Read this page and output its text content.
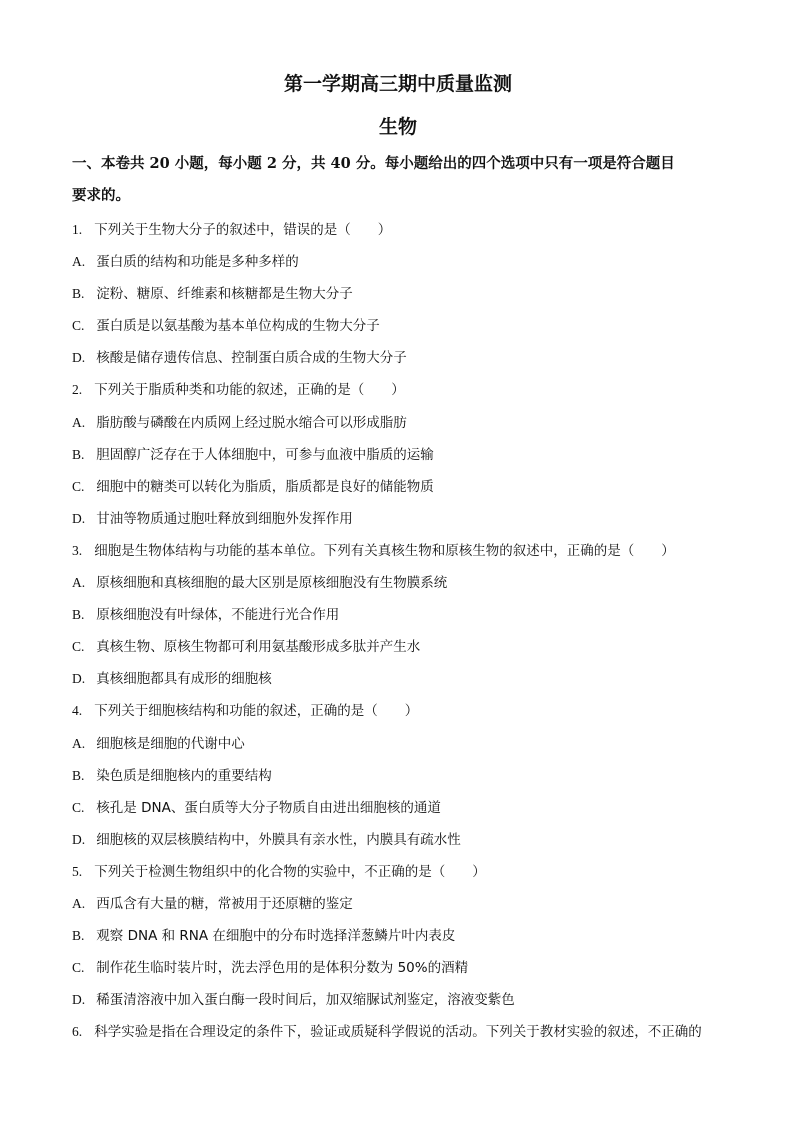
第一学期高三期中质量监测
生物
一、本卷共 20 小题，每小题 2 分，共 40 分。每小题给出的四个选项中只有一项是符合题目
要求的。
1. 下列关于生物大分子的叙述中，错误的是（　　）
A. 蛋白质的结构和功能是多种多样的
B. 淀粉、糖原、纤维素和核糖都是生物大分子
C. 蛋白质是以氨基酸为基本单位构成的生物大分子
D. 核酸是储存遗传信息、控制蛋白质合成的生物大分子
2. 下列关于脂质种类和功能的叙述，正确的是（　　）
A. 脂肪酸与磷酸在内质网上经过脱水缩合可以形成脂肪
B. 胆固醇广泛存在于人体细胞中，可参与血液中脂质的运输
C. 细胞中的糖类可以转化为脂质，脂质都是良好的储能物质
D. 甘油等物质通过胞吐释放到细胞外发挥作用
3. 细胞是生物体结构与功能的基本单位。下列有关真核生物和原核生物的叙述中，正确的是（　　）
A. 原核细胞和真核细胞的最大区别是原核细胞没有生物膜系统
B. 原核细胞没有叶绿体，不能进行光合作用
C. 真核生物、原核生物都可利用氨基酸形成多肽并产生水
D. 真核细胞都具有成形的细胞核
4. 下列关于细胞核结构和功能的叙述，正确的是（　　）
A. 细胞核是细胞的代谢中心
B. 染色质是细胞核内的重要结构
C. 核孔是 DNA、蛋白质等大分子物质自由进出细胞核的通道
D. 细胞核的双层核膜结构中，外膜具有亲水性，内膜具有疏水性
5. 下列关于检测生物组织中的化合物的实验中，不正确的是（　　）
A. 西瓜含有大量的糖，常被用于还原糖的鉴定
B. 观察 DNA 和 RNA 在细胞中的分布时选择洋葱鳞片叶内表皮
C. 制作花生临时装片时，洗去浮色用的是体积分数为 50%的酒精
D. 稀蛋清溶液中加入蛋白酶一段时间后，加双缩脲试剂鉴定，溶液变紫色
6. 科学实验是指在合理设定的条件下，验证或质疑科学假说的活动。下列关于教材实验的叙述，不正确的
